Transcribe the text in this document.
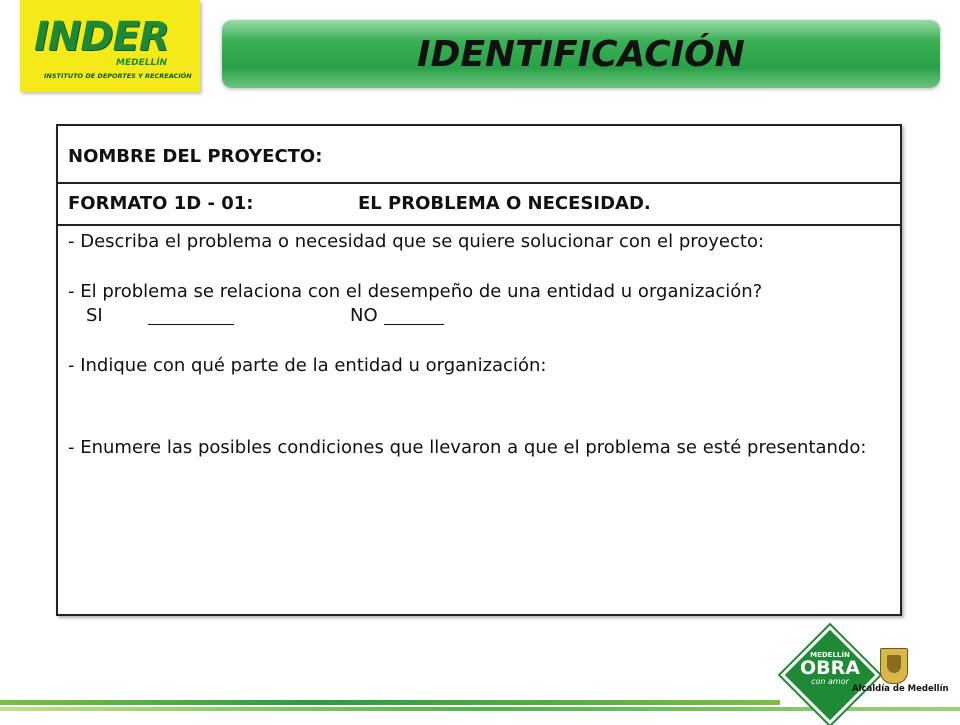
INDER
MEDELLÍN
INSTITUTO DE DEPORTES Y RECREACIÓN
IDENTIFICACIÓN
NOMBRE DEL PROYECTO:
FORMATO 1D - 01:	EL PROBLEMA O NECESIDAD.

- Describa el problema o necesidad que se quiere solucionar con el proyecto:

- El problema se relaciona con el desempeño de una entidad u organización?

SI	NO

- Indique con qué parte de la entidad u organización:

- Enumere las posibles condiciones que llevaron a que el problema se esté presentando:

MEDELLÍN
OBRA
con amor
Alcaldía de Medellín
